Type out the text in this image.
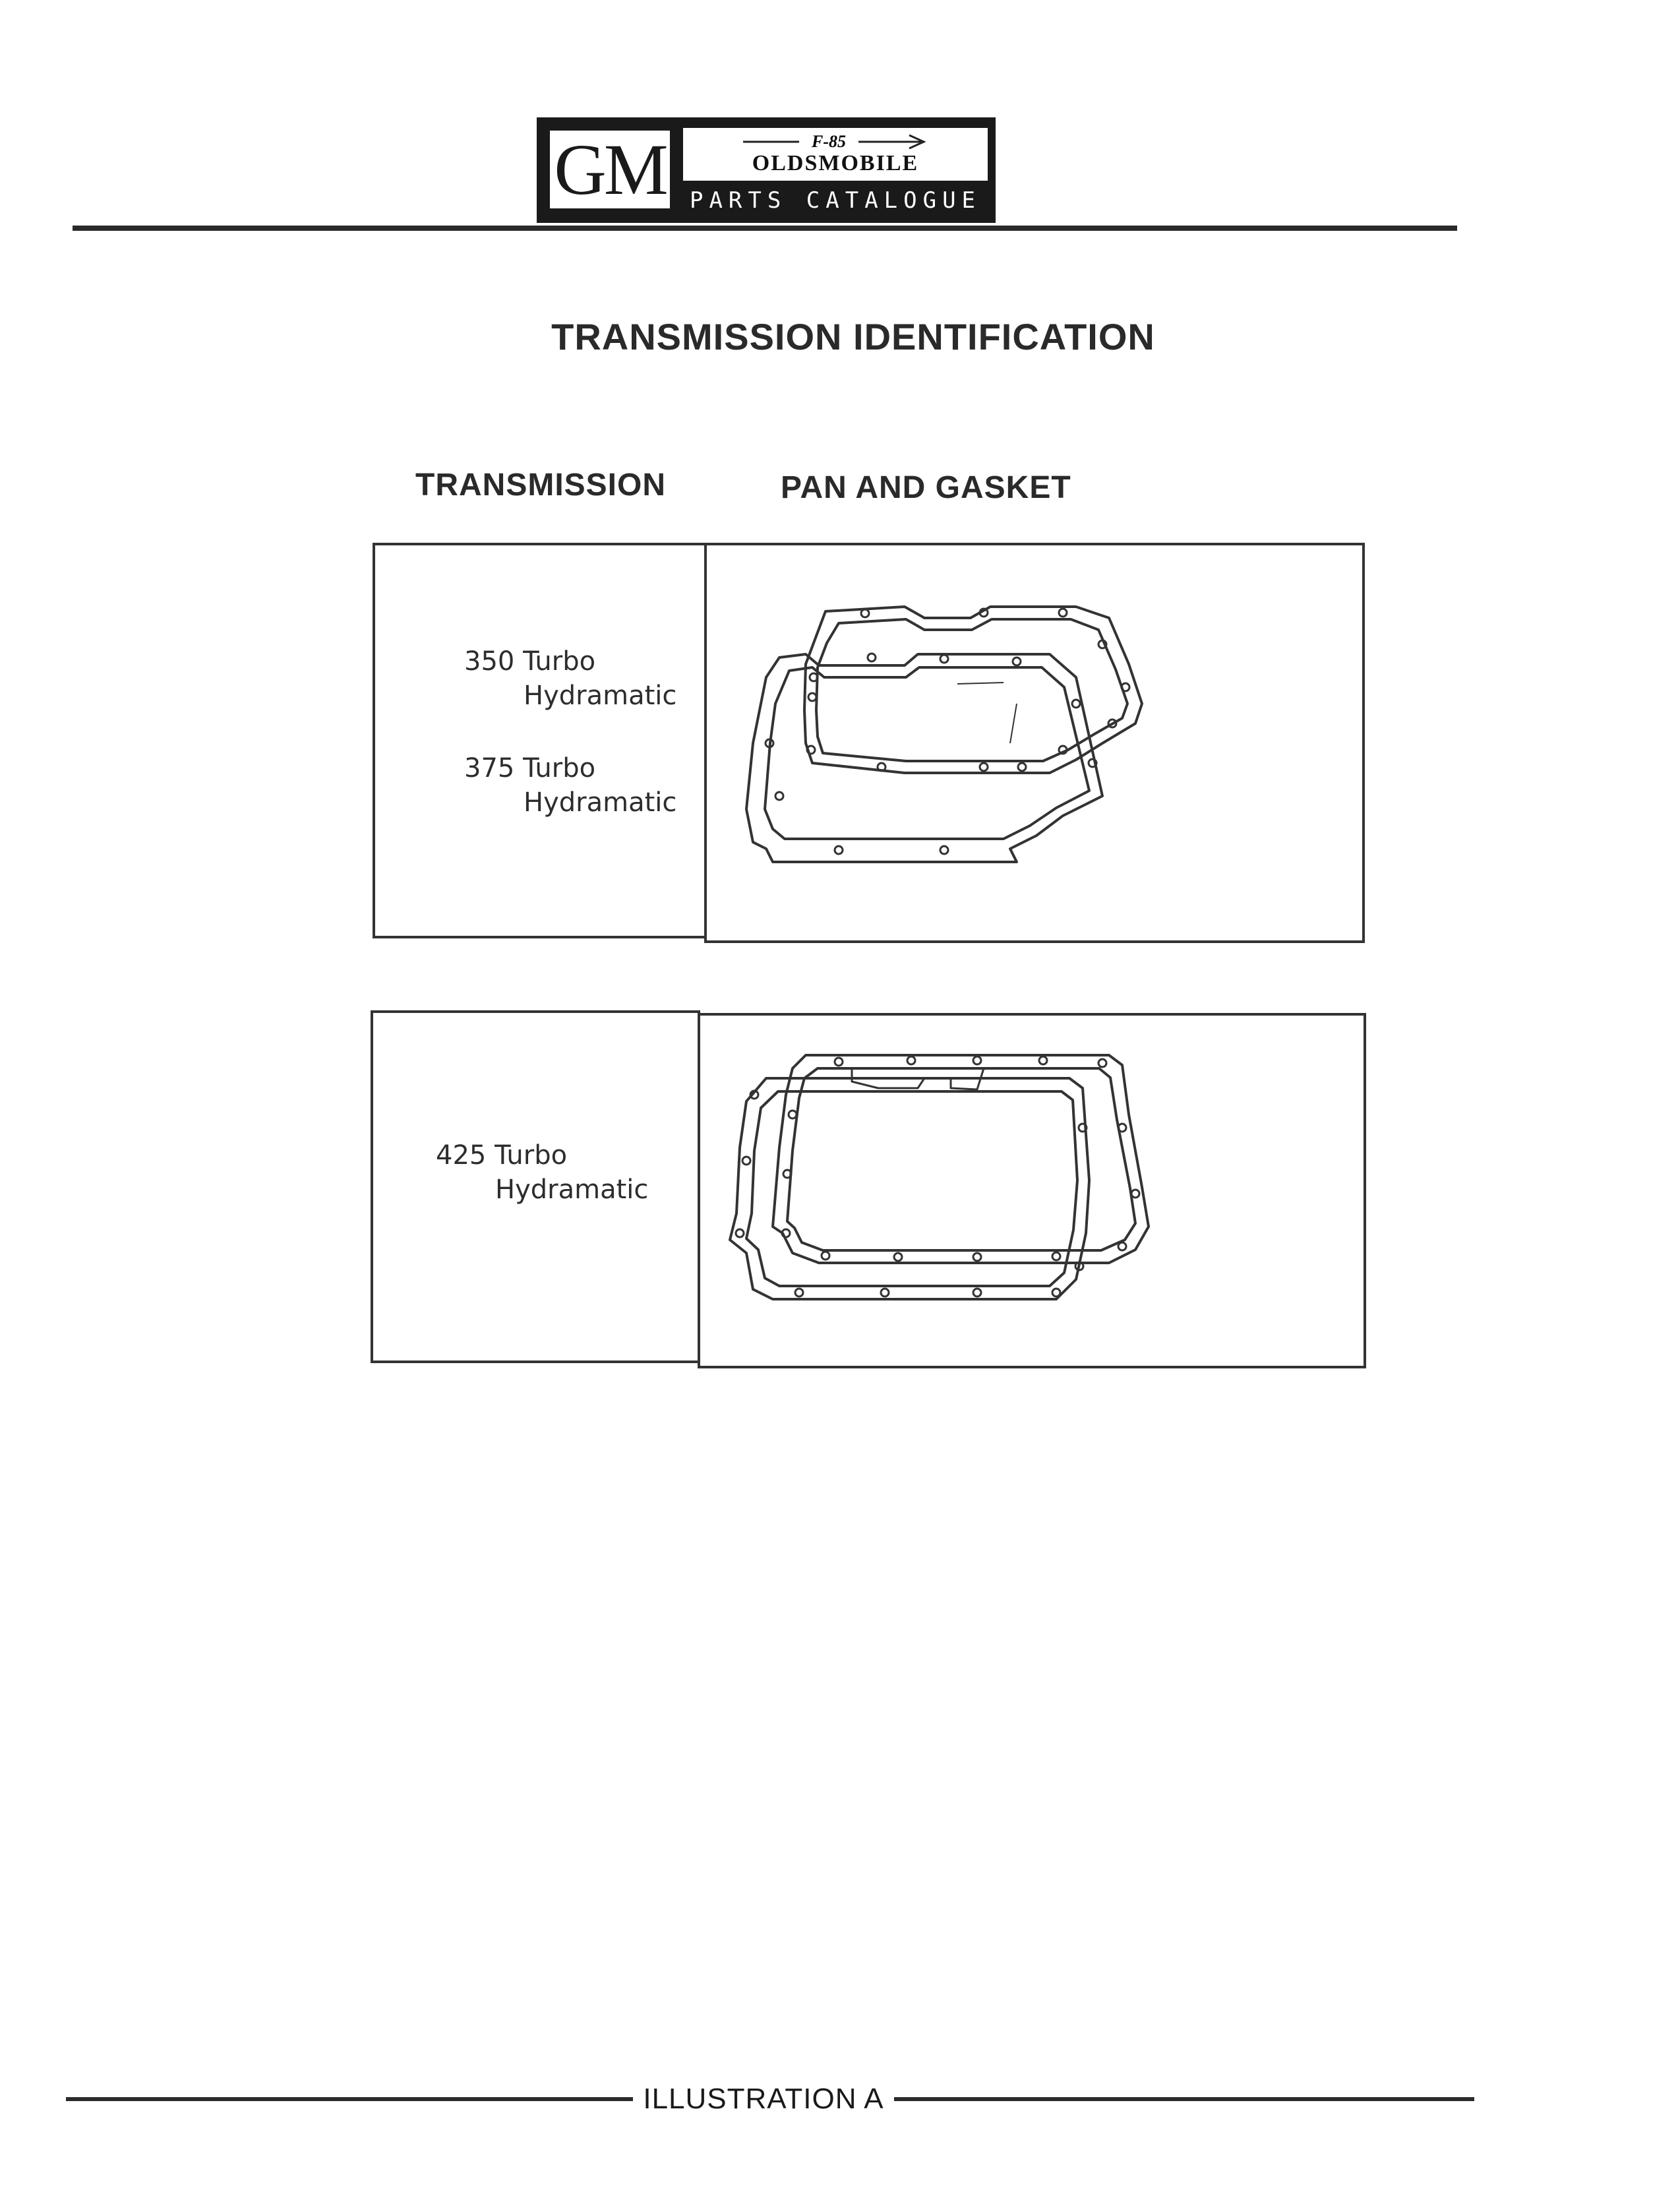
GM	F-85
OLDSMOBILE
PARTS CATALOGUE
TRANSMISSION IDENTIFICATION
TRANSMISSION	PAN AND GASKET
350 Turbo
Hydramatic
375 Turbo
Hydramatic
425 Turbo
Hydramatic
ILLUSTRATION A
